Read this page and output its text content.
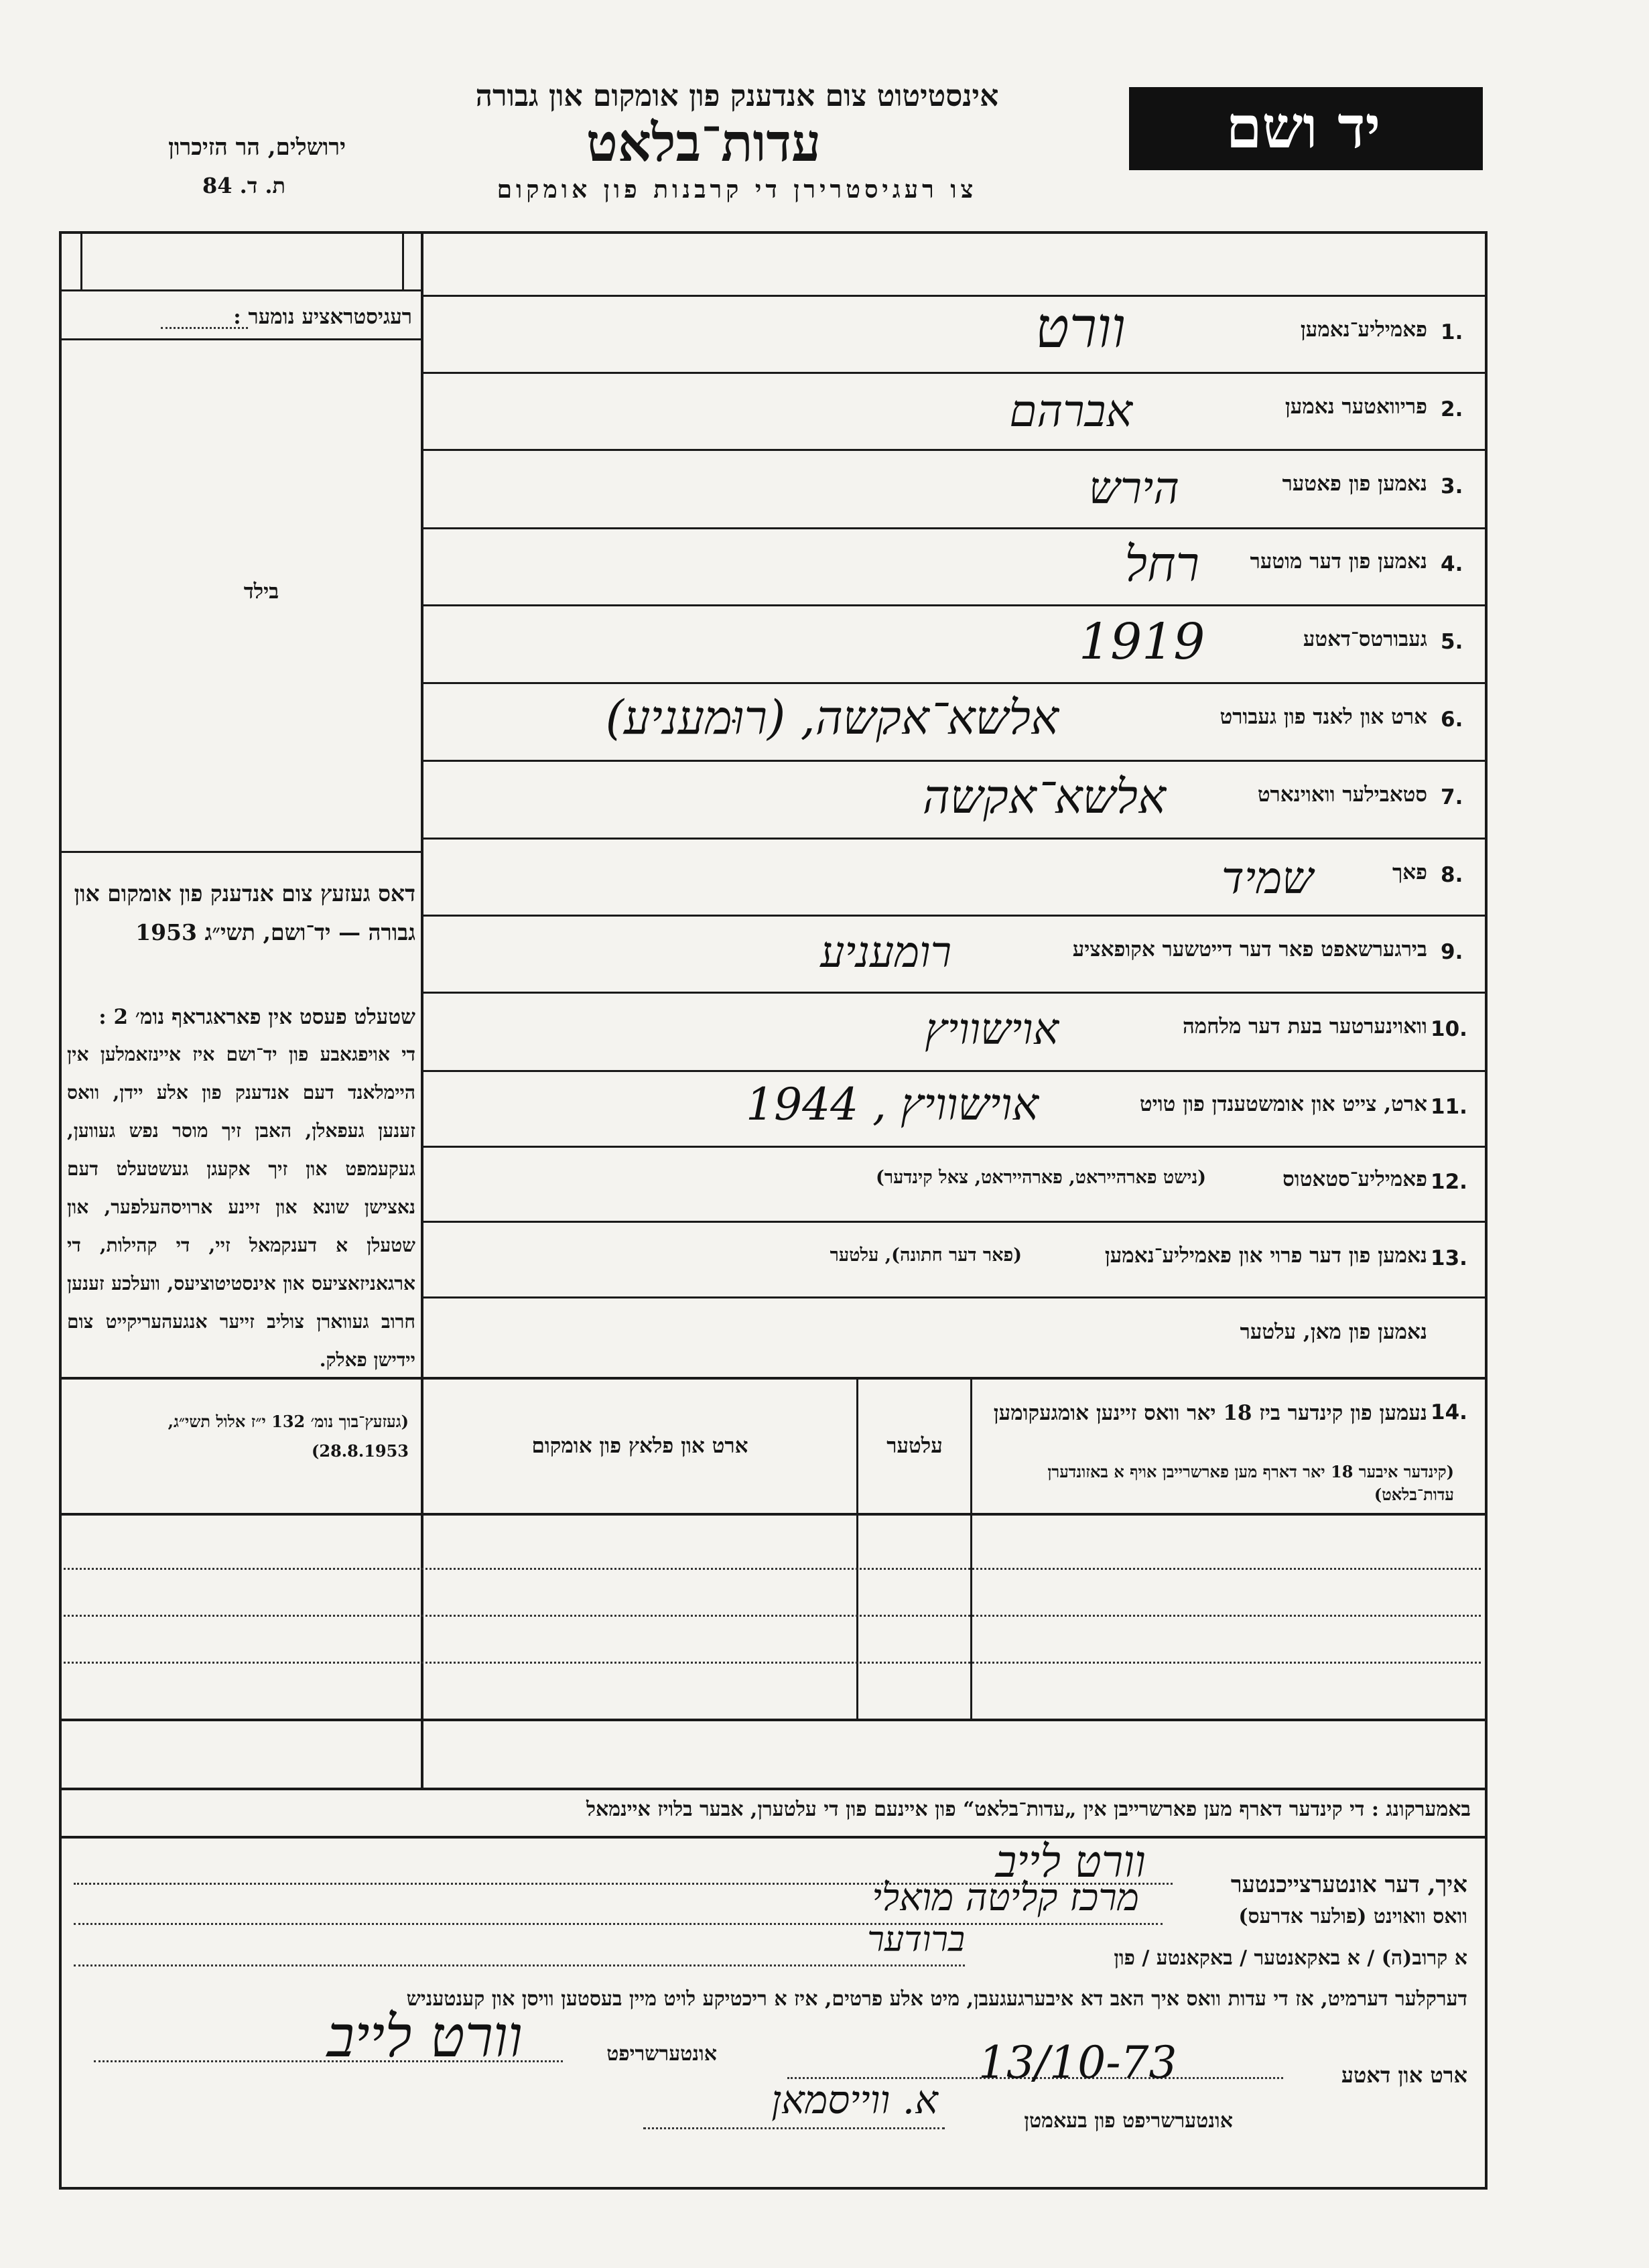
יד ושם
אינסטיטוט צום אנדענק פון אומקום און גבורה
עדות־בלאט
צו רעגיסטרירן די קרבנות פון אומקום
ירושלים, הר הזיכרון
ת. ד. 84
רעגיסטראציע נומער :
בילד
דאס געזעץ צום אנדענק פון אומקום און גבורה — יד־ושם, תשי״ג 1953
שטעלט פעסט אין פאראגראף נומ׳ 2 :
די אויפגאבע פון יד־ושם איז איינזאמלען אין היימלאנד דעם אנדענק פון אלע יידן, וואס זענען געפאלן, האבן זיך מוסר נפש געווען, געקעמפט און זיך אקעגן געשטעלט דעם נאצישן שונא און זיינע ארויסהעלפער, און שטעלן א דענקמאל זיי, די קהילות, די ארגאניזאציעס און אינסטיטוציעס, וועלכע זענען חרוב געווארן צוליב זייער אנגעהעריקייט צום יידישן פאלק.
(געזעץ־בוך נומ׳ 132 י״ז אלול תשי״ג, 28.8.1953)
1.
פאמיליע־נאמען
וורט
2.
פריוואטער נאמען
אברהם
3.
נאמען פון פאטער
הירש
4.
נאמען פון דער מוטער
רחל
5.
געבורטס־דאטע
1919
6.
ארט און לאנד פון געבורט
אלשא־אקשה, (רוּמעניע)
7.
סטאבילער וואוינארט
אלשא־אקשה
8.
פאך
שמיד
9.
בירגערשאפט פאר דער דייטשער אקופאציע
רומעניע
10.
וואוינערטער בעת דער מלחמה
אוישוויץ
11.
ארט, צייט און אומשטענדן פון טויט
אוישוויץ , 1944
12.
פאמיליע־סטאטוס
(נישט פארהייראט, פארהייראט, צאל קינדער)
13.
נאמען פון דער פרוי און פאמיליע־נאמען
(פאר דער חתונה), עלטער
נאמען פון מאן, עלטער
14.
נעמען פון קינדער ביז 18 יאר וואס זיינען אומגעקומען
(קינדער איבער 18 יאר דארף מען פארשרייבן אויף א באזונדערן עדות־בלאט)
עלטער
ארט און פלאץ פון אומקום
באמערקונג : די קינדער דארף מען פארשרייבן אין „עדות־בלאט“ פון איינעם פון די עלטערן, אבער בלויז איינמאל
איך, דער אונטערצייכנטער
וורט לייב
וואס וואוינט (פולער אדרעס)
מרכז קליטה מואלי
א קרוב(ה) / א באקאנטער / באקאנטע / פון
ברודער
דערקלער דערמיט, אז די עדות וואס איך האב דא איבערגעגעבן, מיט אלע פרטים, איז א ריכטיקע לויט מיין בעסטען וויסן און קענטעניש
ארט און דאטע
13/10-73
אונטערשריפט
וורט לייב
אונטערשריפט פון בעאמטן
א. ווייסמאן
